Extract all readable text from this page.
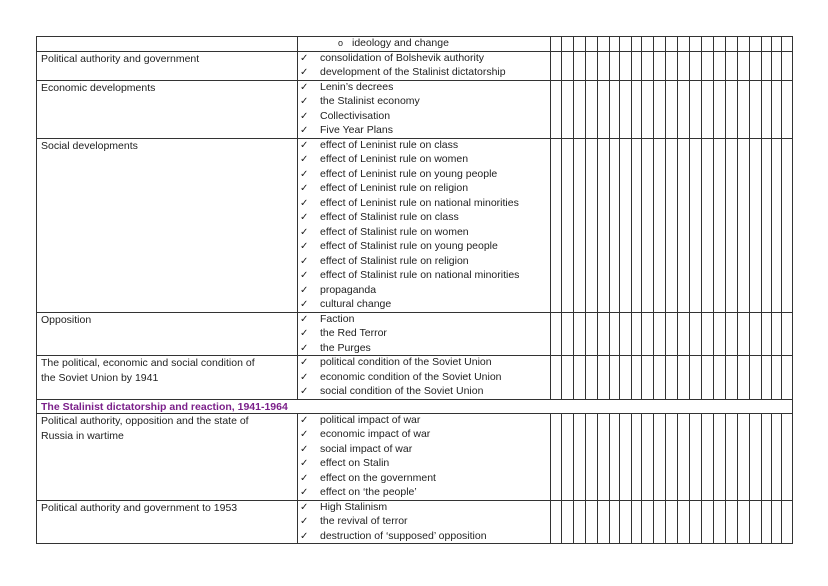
o ideology and change
Political authority and government	✓ consolidation of Bolshevik authority
✓ development of the Stalinist dictatorship
Economic developments	✓ Lenin’s decrees
✓ the Stalinist economy
✓ Collectivisation
✓ Five Year Plans
Social developments	✓ effect of Leninist rule on class
✓ effect of Leninist rule on women
✓ effect of Leninist rule on young people
✓ effect of Leninist rule on religion
✓ effect of Leninist rule on national minorities
✓ effect of Stalinist rule on class
✓ effect of Stalinist rule on women
✓ effect of Stalinist rule on young people
✓ effect of Stalinist rule on religion
✓ effect of Stalinist rule on national minorities
✓ propaganda
✓ cultural change
Opposition	✓ Faction
✓ the Red Terror
✓ the Purges
The political, economic and social condition of
the Soviet Union by 1941
✓ political condition of the Soviet Union
✓ economic condition of the Soviet Union
✓ social condition of the Soviet Union
The Stalinist dictatorship and reaction, 1941-1964
Political authority, opposition and the state of
Russia in wartime
✓ political impact of war
✓ economic impact of war
✓ social impact of war
✓ effect on Stalin
✓ effect on the government
✓ effect on ‘the people’
Political authority and government to 1953	✓ High Stalinism
✓ the revival of terror
✓ destruction of ‘supposed’ opposition
